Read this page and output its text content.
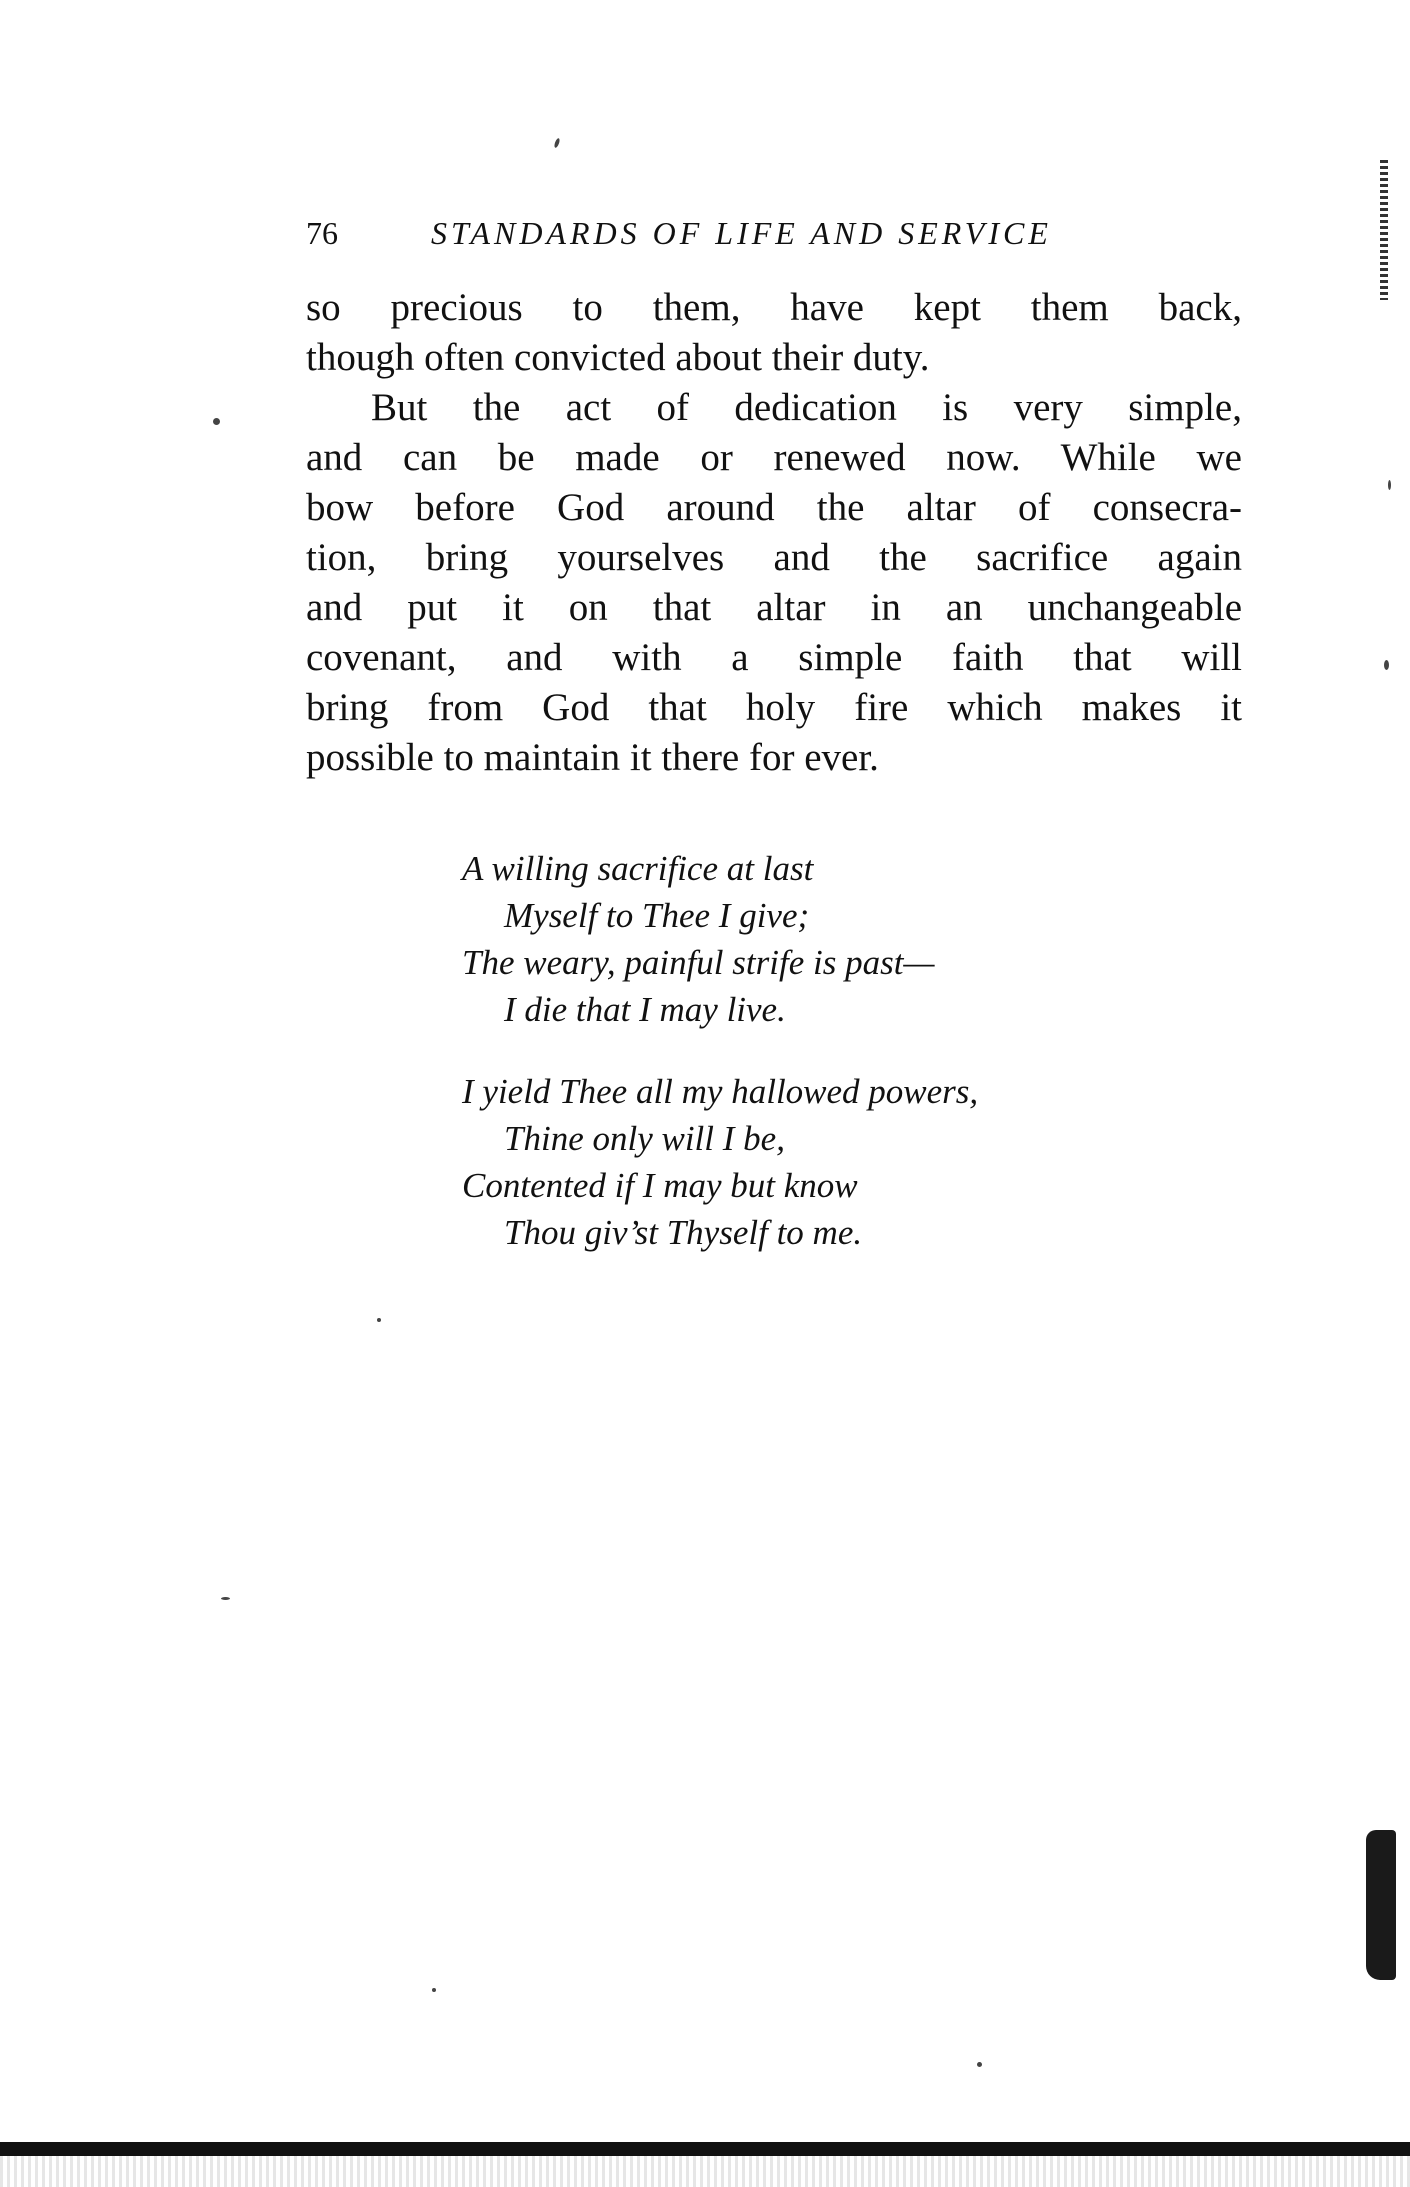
76	STANDARDS OF LIFE AND SERVICE
so precious to them, have kept them back,
though often convicted about their duty.
But the act of dedication is very simple,
and can be made or renewed now. While we
bow before God around the altar of consecra-
tion, bring yourselves and the sacrifice again
and put it on that altar in an unchangeable
covenant, and with a simple faith that will
bring from God that holy fire which makes it
possible to maintain it there for ever.
A willing sacrifice at last
Myself to Thee I give;
The weary, painful strife is past—
I die that I may live.
I yield Thee all my hallowed powers,
Thine only will I be,
Contented if I may but know
Thou giv’st Thyself to me.
